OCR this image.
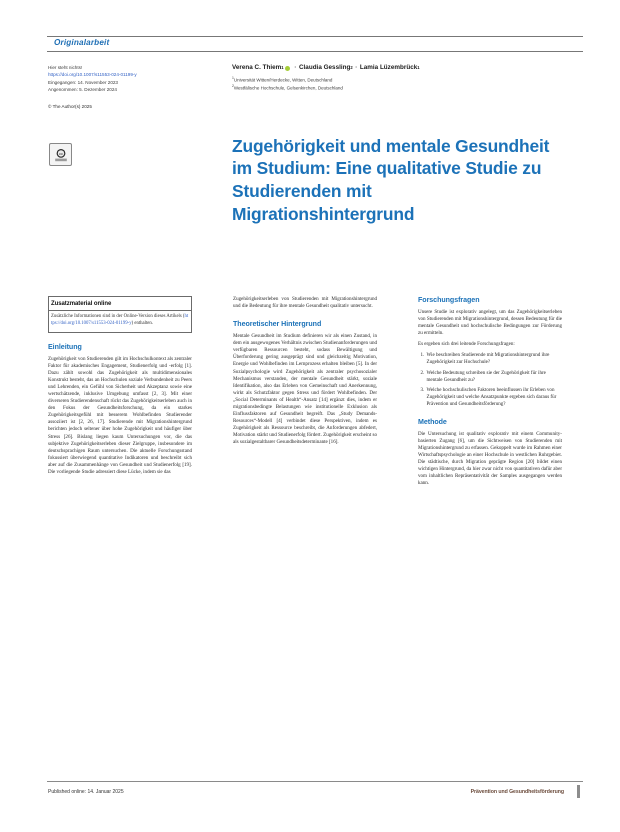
Originalarbeit
Hier steht nichts!
https://doi.org/10.1007/s11553-024-01199-y
Eingegangen: 14. November 2023
Angenommen: 5. Dezember 2024
© The Author(s) 2025
cc
Verena C. Thiem 1	· Claudia Gessling 2 · Lamia Lüzembrück 1
$^1$Universität Witten/Herdecke, Witten, Deutschland
$^2$Westfälische Hochschule, Gelsenkirchen, Deutschland
Zugehörigkeit und mentale Gesundheit im Studium: Eine qualitative Studie zu Studierenden mit Migrationshintergrund
Zusatzmaterial online
Zusätzliche Informationen sind in der Online-Version dieses Artikels (https://doi.org/10.1007/s11553-024-01199-y) enthalten.
Einleitung

Zugehörigkeit von Studierenden gilt im Hochschulkontext als zentraler Faktor für akademisches Engagement, Studienerfolg und -erfolg [1]. Dazu zählt sowohl das Zugehörigkeit als multidimensionales Konstrukt besteht, das an Hochschulen soziale Verbundenheit zu Peers und Lehrenden, ein Gefühl von Sicherheit und Akzeptanz sowie eine wertschätzende, inklusive Umgebung umfasst [2, 3]. Mit einer diverseren Studierendenschaft rückt das Zugehörigkeitserleben auch in den Fokus der Gesundheitsforschung, da ein starkes Zugehörigkeitsgefühl mit besserem Wohlbefinden Studierender assoziiert ist [2, 26, 17]. Studierende mit Migrationshintergrund berichten jedoch seltener über hohe Zugehörigkeit und häufiger über Stress [26]. Bislang liegen kaum Untersuchungen vor, die das subjektive Zugehörigkeitserleben dieser Zielgruppe, insbesondere im deutschsprachigen Raum untersuchen. Die aktuelle Forschungsstand fokussiert überwiegend quantitative Indikatoren und beschreibt sich aber auf die Zusammenhänge von Gesundheit und Studienerfolg [19]. Die vorliegende Studie adressiert diese Lücke, indem sie das

Zugehörigkeitserleben von Studierenden mit Migrationshintergrund und die Bedeutung für ihre mentale Gesundheit qualitativ untersucht.

Theoretischer Hintergrund

Mentale Gesundheit im Studium definieren wir als einen Zustand, in dem ein ausgewogenes Verhältnis zwischen Studienanforderungen und verfügbaren Ressourcen besteht, sodass Bewältigung und Überforderung gering ausgeprägt sind und gleichzeitig Motivation, Energie und Wohlbefinden im Lernprozess erhalten bleiben [5]. In der Sozialpsychologie wird Zugehörigkeit als zentraler psychosozialer Mechanismus verstanden, der mentale Gesundheit stärkt, soziale Identifikation, also das Erleben von Gemeinschaft und Anerkennung, wirkt als Schutzfaktor gegen Stress und fördert Wohlbefinden. Der „Social Determinants of Health“-Ansatz [14] ergänzt dies, indem er migrationsbedingte Belastungen wie institutionelle Exklusion als Einflussfaktoren auf Gesundheit begreift. Das „Study Demands-Resources“-Modell [4] verbindet diese Perspektiven, indem es Zugehörigkeit als Ressource beschreibt, die Anforderungen abfedert, Motivation stärkt und Studienerfolg fördert. Zugehörigkeit erscheint so als sozialgestaltbarer Gesundheitsdeterminante [16].

Forschungsfragen

Unsere Studie ist explorativ angelegt, um das Zugehörigkeitserleben von Studierenden mit Migrationshintergrund, dessen Bedeutung für die mentale Gesundheit und hochschulische Bedingungen zur Förderung zu ermitteln.

Es ergeben sich drei leitende Forschungsfragen:

1. Wie beschreiben Studierende mit Migrationshintergrund ihre Zugehörigkeit zur Hochschule?
2. Welche Bedeutung schreiben sie der Zugehörigkeit für ihre mentale Gesundheit zu?
3. Welche hochschulischen Faktoren beeinflussen ihr Erleben von Zugehörigkeit und welche Ansatzpunkte ergeben sich daraus für Prävention und Gesundheitsförderung?
Methode

Die Untersuchung ist qualitativ explorativ mit einem Community-basierten Zugang [6], um die Sichtweisen von Studierenden mit Migrationshintergrund zu erfassen. Gekoppelt wurde im Rahmen einer Wirtschaftspsychologie an einer Hochschule in westlichen Ruhrgebiet. Die städtische, durch Migration geprägte Region [20] bildet einen wichtigen Hintergrund, da hier zwar nicht von quantitativen dafür aber vom inhaltlichen Repräsentativität der Samples ausgegangen werden kann.

Published online: 14. Januar 2025	Prävention und Gesundheitsförderung
